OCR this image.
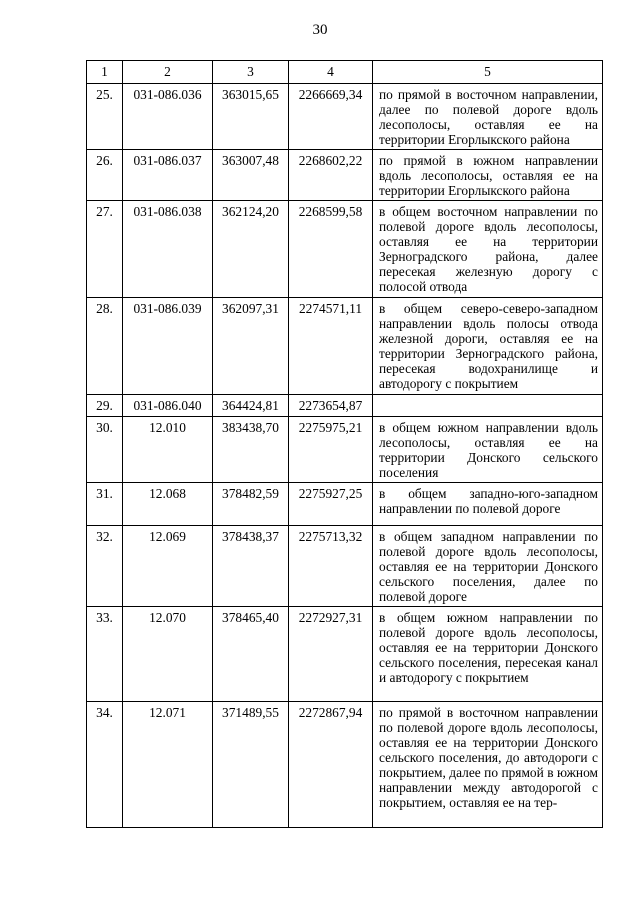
30
1	2	3	4	5
25.	031-086.036	363015,65	2266669,34	по прямой в восточном направлении, далее по полевой дороге вдоль лесополосы, оставляя ее на территории Егорлыкского района
26.	031-086.037	363007,48	2268602,22	по прямой в южном направлении вдоль лесополосы, оставляя ее на территории Егорлыкского района
27.	031-086.038	362124,20	2268599,58	в общем восточном направлении по полевой дороге вдоль лесополосы, оставляя ее на территории Зерноградского района, далее пересекая железную дорогу с полосой отвода
28.	031-086.039	362097,31	2274571,11	в общем северо-северо-западном направлении вдоль полосы отвода железной дороги, оставляя ее на территории Зерноградского района, пересекая водохранилище и автодорогу с покрытием
29.	031-086.040	364424,81	2273654,87	
30.	12.010	383438,70	2275975,21	в общем южном направлении вдоль лесополосы, оставляя ее на территории Донского сельского поселения
31.	12.068	378482,59	2275927,25	в общем западно-юго-западном направлении по полевой дороге
32.	12.069	378438,37	2275713,32	в общем западном направлении по полевой дороге вдоль лесополосы, оставляя ее на территории Донского сельского поселения, далее по полевой дороге
33.	12.070	378465,40	2272927,31	в общем южном направлении по полевой дороге вдоль лесополосы, оставляя ее на территории Донского сельского поселения, пересекая канал и автодорогу с покрытием
34.	12.071	371489,55	2272867,94	по прямой в восточном направлении по полевой дороге вдоль лесополосы, оставляя ее на территории Донского сельского поселения, до автодороги с покрытием, далее по прямой в южном направлении между автодорогой с покрытием, оставляя ее на тер-
